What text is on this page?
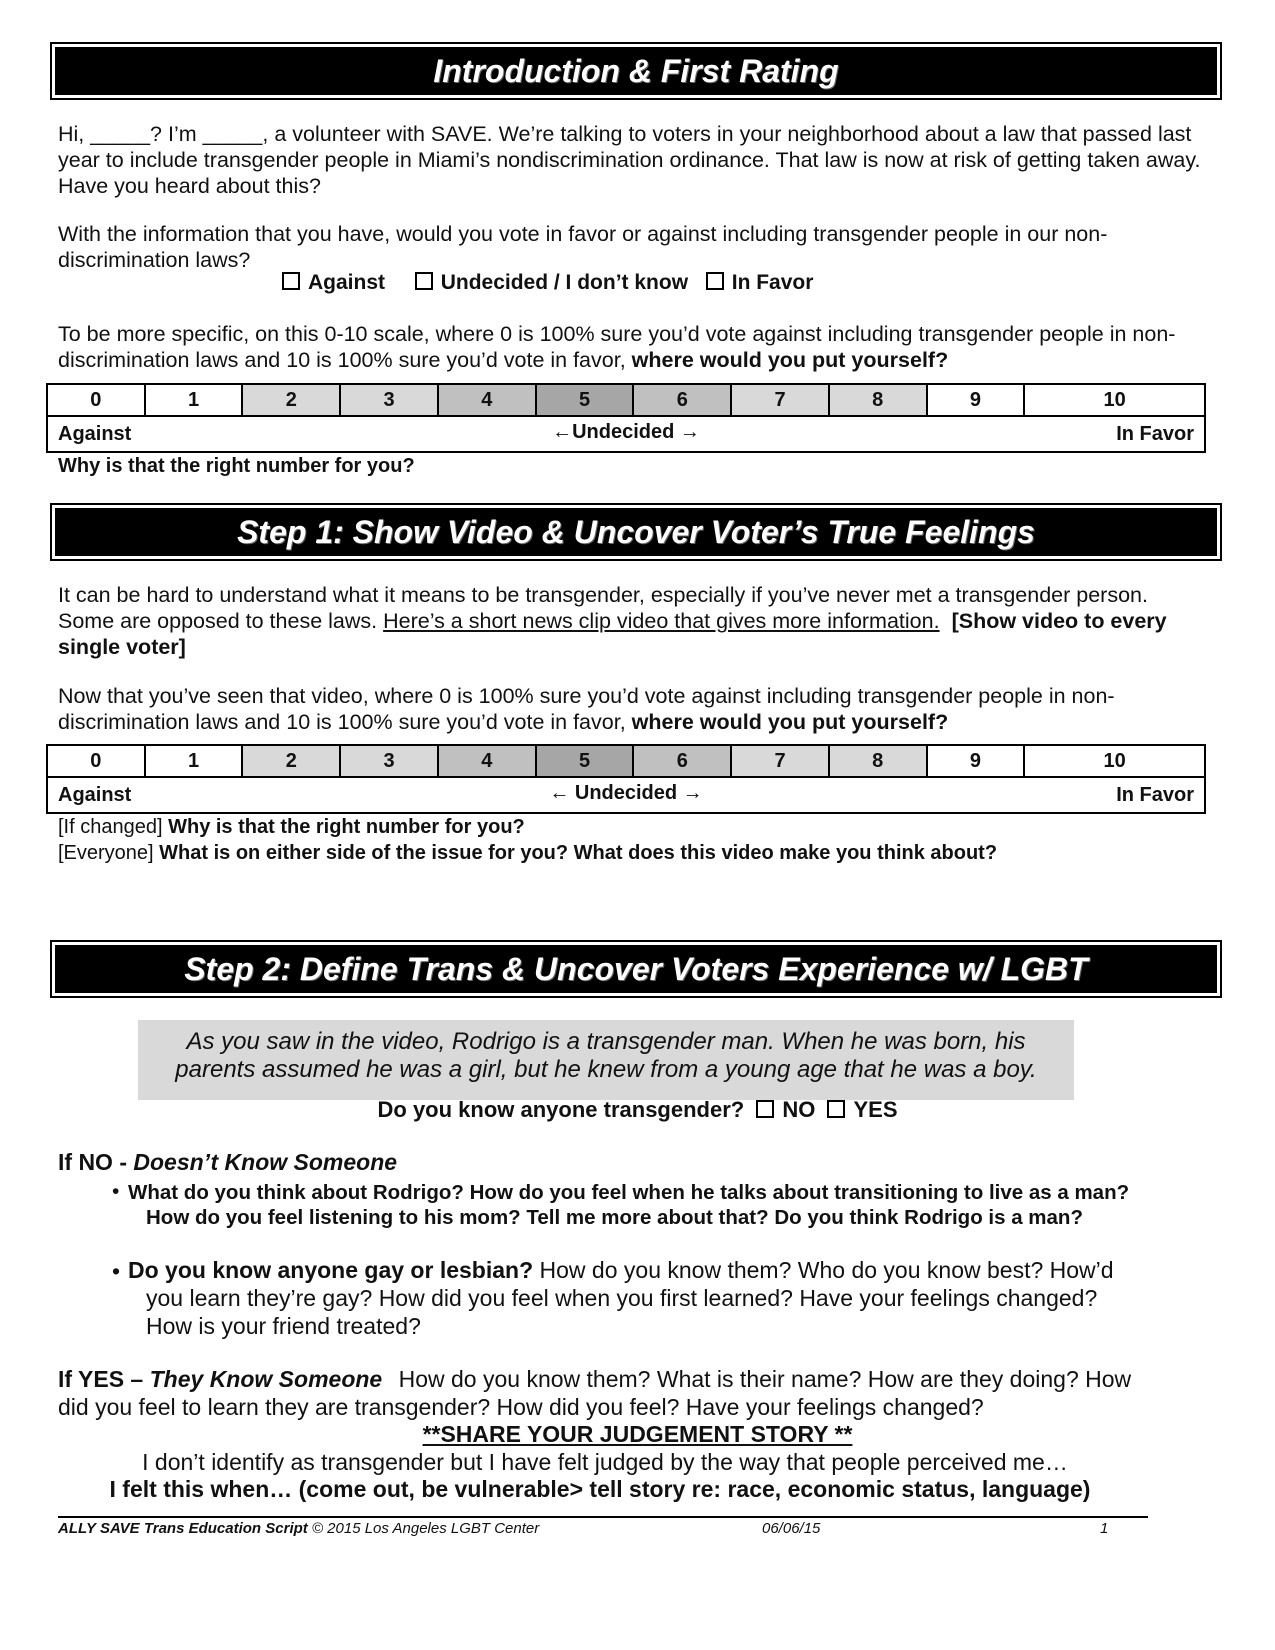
Introduction & First Rating
Hi, _____? I’m _____, a volunteer with SAVE. We’re talking to voters in your neighborhood about a law that passed last year to include transgender people in Miami’s nondiscrimination ordinance. That law is now at risk of getting taken away. Have you heard about this?
With the information that you have, would you vote in favor or against including transgender people in our non-discrimination laws?
Against	Undecided / I don’t know In Favor
To be more specific, on this 0-10 scale, where 0 is 100% sure you’d vote against including transgender people in non-discrimination laws and 10 is 100% sure you’d vote in favor, where would you put yourself?
0	1	2	3	4	5	6	7	8	9	10

Against	←Undecided →	In Favor
Why is that the right number for you?
Step 1: Show Video & Uncover Voter’s True Feelings
It can be hard to understand what it means to be transgender, especially if you’ve never met a transgender person. Some are opposed to these laws. Here’s a short news clip video that gives more information. [Show video to every single voter]
Now that you’ve seen that video, where 0 is 100% sure you’d vote against including transgender people in non-discrimination laws and 10 is 100% sure you’d vote in favor, where would you put yourself?
0	1	2	3	4	5	6	7	8	9	10

Against	← Undecided →	In Favor
[If changed] Why is that the right number for you?
[Everyone] What is on either side of the issue for you? What does this video make you think about?
Step 2: Define Trans & Uncover Voters Experience w/ LGBT
As you saw in the video, Rodrigo is a transgender man. When he was born, his
parents assumed he was a girl, but he knew from a young age that he was a boy.
Do you know anyone transgender? NO YES
If NO - Doesn’t Know Someone
• What do you think about Rodrigo? How do you feel when he talks about transitioning to live as a man? How do you feel listening to his mom? Tell me more about that? Do you think Rodrigo is a man?
• Do you know anyone gay or lesbian? How do you know them? Who do you know best? How’d you learn they’re gay? How did you feel when you first learned? Have your feelings changed? How is your friend treated?
If YES – They Know Someone How do you know them? What is their name? How are they doing? How did you feel to learn they are transgender? How did you feel? Have your feelings changed?
**SHARE YOUR JUDGEMENT STORY **
I don’t identify as transgender but I have felt judged by the way that people perceived me…
I felt this when… (come out, be vulnerable> tell story re: race, economic status, language)
ALLY SAVE Trans Education Script © 2015 Los Angeles LGBT Center	06/06/15	1
